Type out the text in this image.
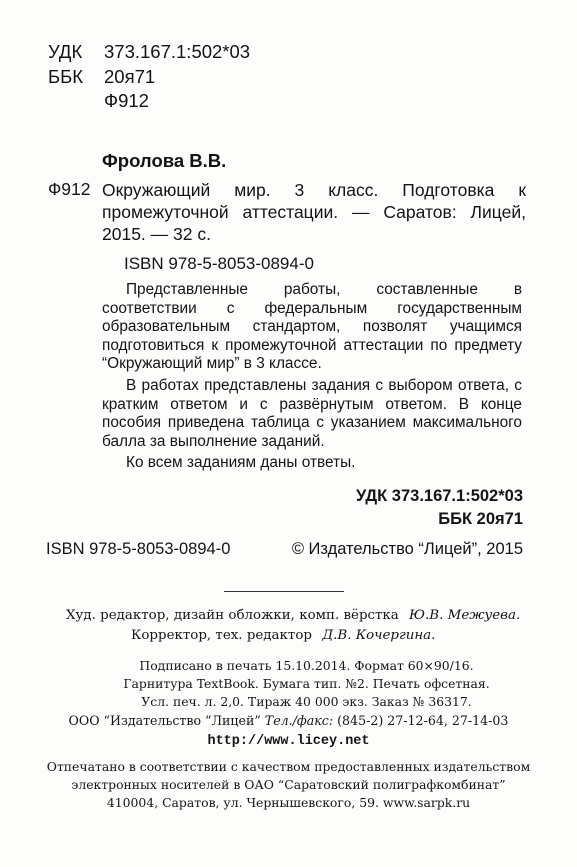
УДК 373.167.1:502*03
ББК 20я71
Ф912
Фролова В.В.
Ф912 Окружающий мир. 3 класс. Подготовка к
промежуточной аттестации. — Саратов: Лицей,
2015. — 32 с.
ISBN 978-5-8053-0894-0
Представленные работы, составленные в соответствии с федеральным государственным образовательным стандартом, позволят учащимся подготовиться к промежуточной аттестации по предмету “Окружающий мир” в 3 классе.
В работах представлены задания с выбором ответа, с кратким ответом и с развёрнутым ответом. В конце пособия приведена таблица с указанием максимального балла за выполнение заданий.
Ко всем заданиям даны ответы.
УДК 373.167.1:502*03
ББК 20я71
ISBN 978-5-8053-0894-0	© Издательство “Лицей”, 2015
Худ. редактор, дизайн обложки, комп. вёрстка Ю.В. Межуева.
Корректор, тех. редактор Д.В. Кочергина.
Подписано в печать 15.10.2014. Формат 60×90/16.
Гарнитура TextBook. Бумага тип. №2. Печать офсетная.
Усл. печ. л. 2,0. Тираж 40 000 экз. Заказ № 36317.
ООО “Издательство “Лицей” Тел./факс: (845-2) 27-12-64, 27-14-03
http://www.licey.net
Отпечатано в соответствии с качеством предоставленных издательством
электронных носителей в ОАО “Саратовский полиграфкомбинат”
410004, Саратов, ул. Чернышевского, 59. www.sarpk.ru
